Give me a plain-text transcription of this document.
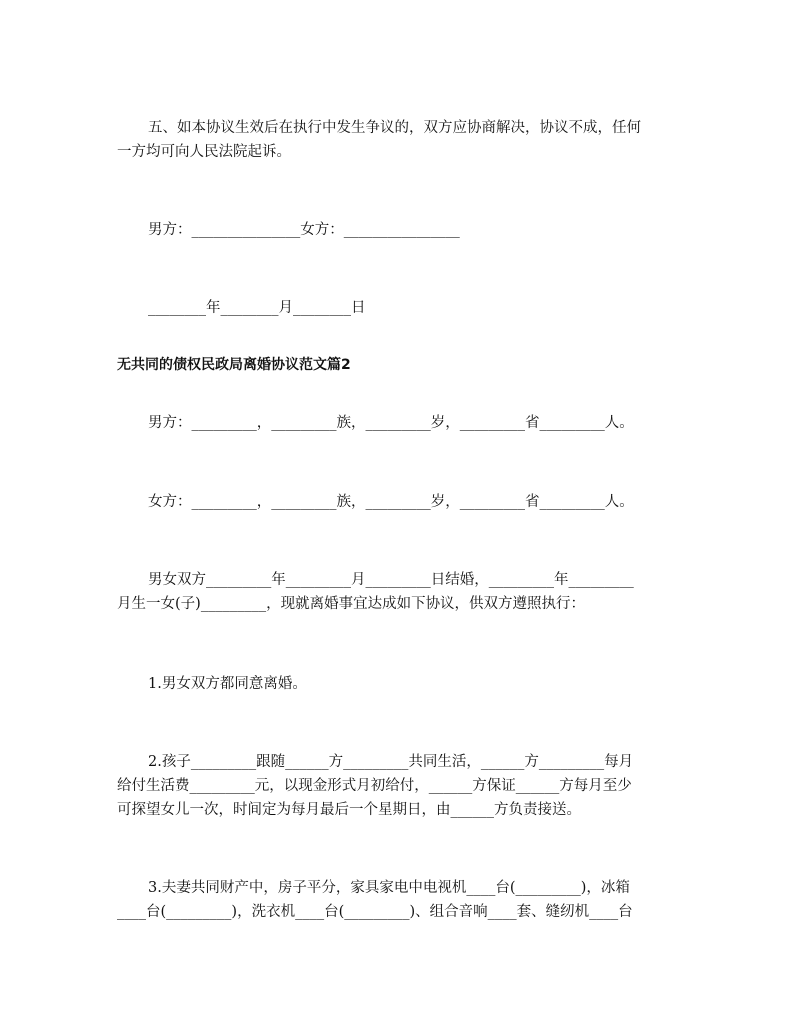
五、如本协议生效后在执行中发生争议的，双方应协商解决，协议不成，任何
一方均可向人民法院起诉。
男方：_______________女方：________________
________年________月________日
无共同的债权民政局离婚协议范文篇2
男方：_________，_________族，_________岁，_________省_________人。
女方：_________，_________族，_________岁，_________省_________人。
男女双方_________年_________月_________日结婚，_________年_________
月生一女(子)_________，现就离婚事宜达成如下协议，供双方遵照执行：
1.男女双方都同意离婚。
2.孩子_________跟随______方_________共同生活，______方_________每月
给付生活费_________元，以现金形式月初给付，______方保证______方每月至少
可探望女儿一次，时间定为每月最后一个星期日，由______方负责接送。
3.夫妻共同财产中，房子平分，家具家电中电视机____台(_________)，冰箱
____台(_________)，洗衣机____台(_________)、组合音响____套、缝纫机____台
